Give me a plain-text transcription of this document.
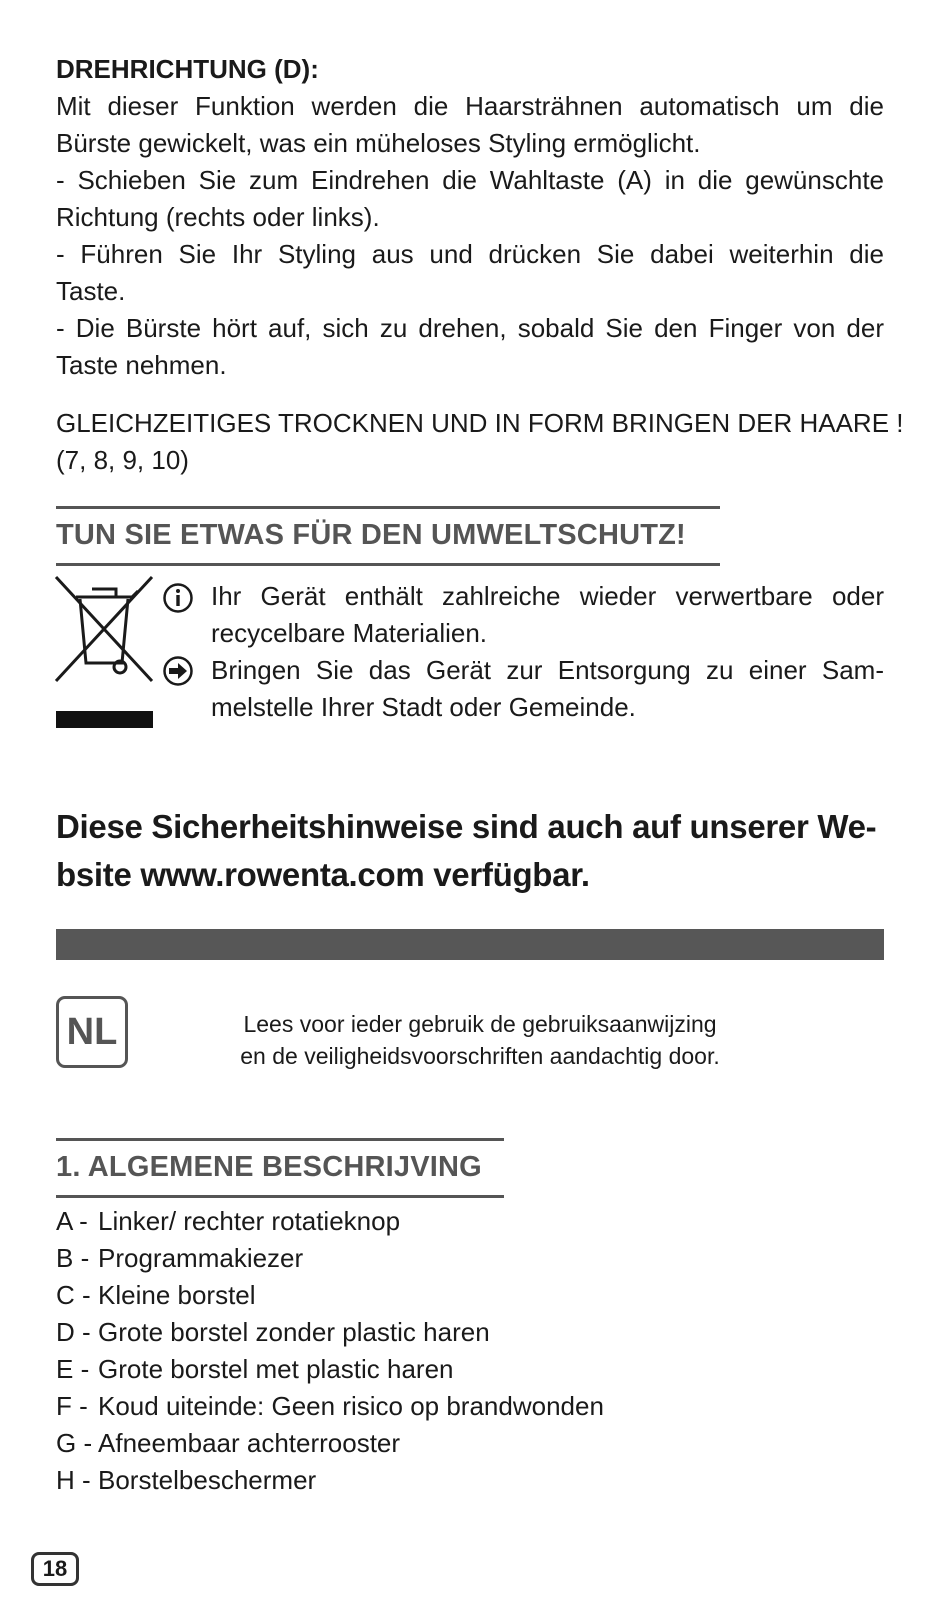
DREHRICHTUNG (D):
Mit dieser Funktion werden die Haarsträhnen automatisch um die
Bürste gewickelt, was ein müheloses Styling ermöglicht.
- Schieben Sie zum Eindrehen die Wahltaste (A) in die gewünschte
Richtung (rechts oder links).
- Führen Sie Ihr Styling aus und drücken Sie dabei weiterhin die
Taste.
- Die Bürste hört auf, sich zu drehen, sobald Sie den Finger von der
Taste nehmen.
GLEICHZEITIGES TROCKNEN UND IN FORM BRINGEN DER HAARE !
(7, 8, 9, 10)
TUN SIE ETWAS FÜR DEN UMWELTSCHUTZ!
Ihr Gerät enthält zahlreiche wieder verwertbare oder
recycelbare Materialien.
Bringen Sie das Gerät zur Entsorgung zu einer Sam-
melstelle Ihrer Stadt oder Gemeinde.
Diese Sicherheitshinweise sind auch auf unserer We-
bsite www.rowenta.com verfügbar.
NL	Lees voor ieder gebruik de gebruiksaanwijzing
en de veiligheidsvoorschriften aandachtig door.
1. ALGEMENE BESCHRIJVING
A - Linker/ rechter rotatieknop
B - Programmakiezer
C - Kleine borstel
D - Grote borstel zonder plastic haren
E - Grote borstel met plastic haren
F - Koud uiteinde: Geen risico op brandwonden
G - Afneembaar achterrooster
H - Borstelbeschermer
18
